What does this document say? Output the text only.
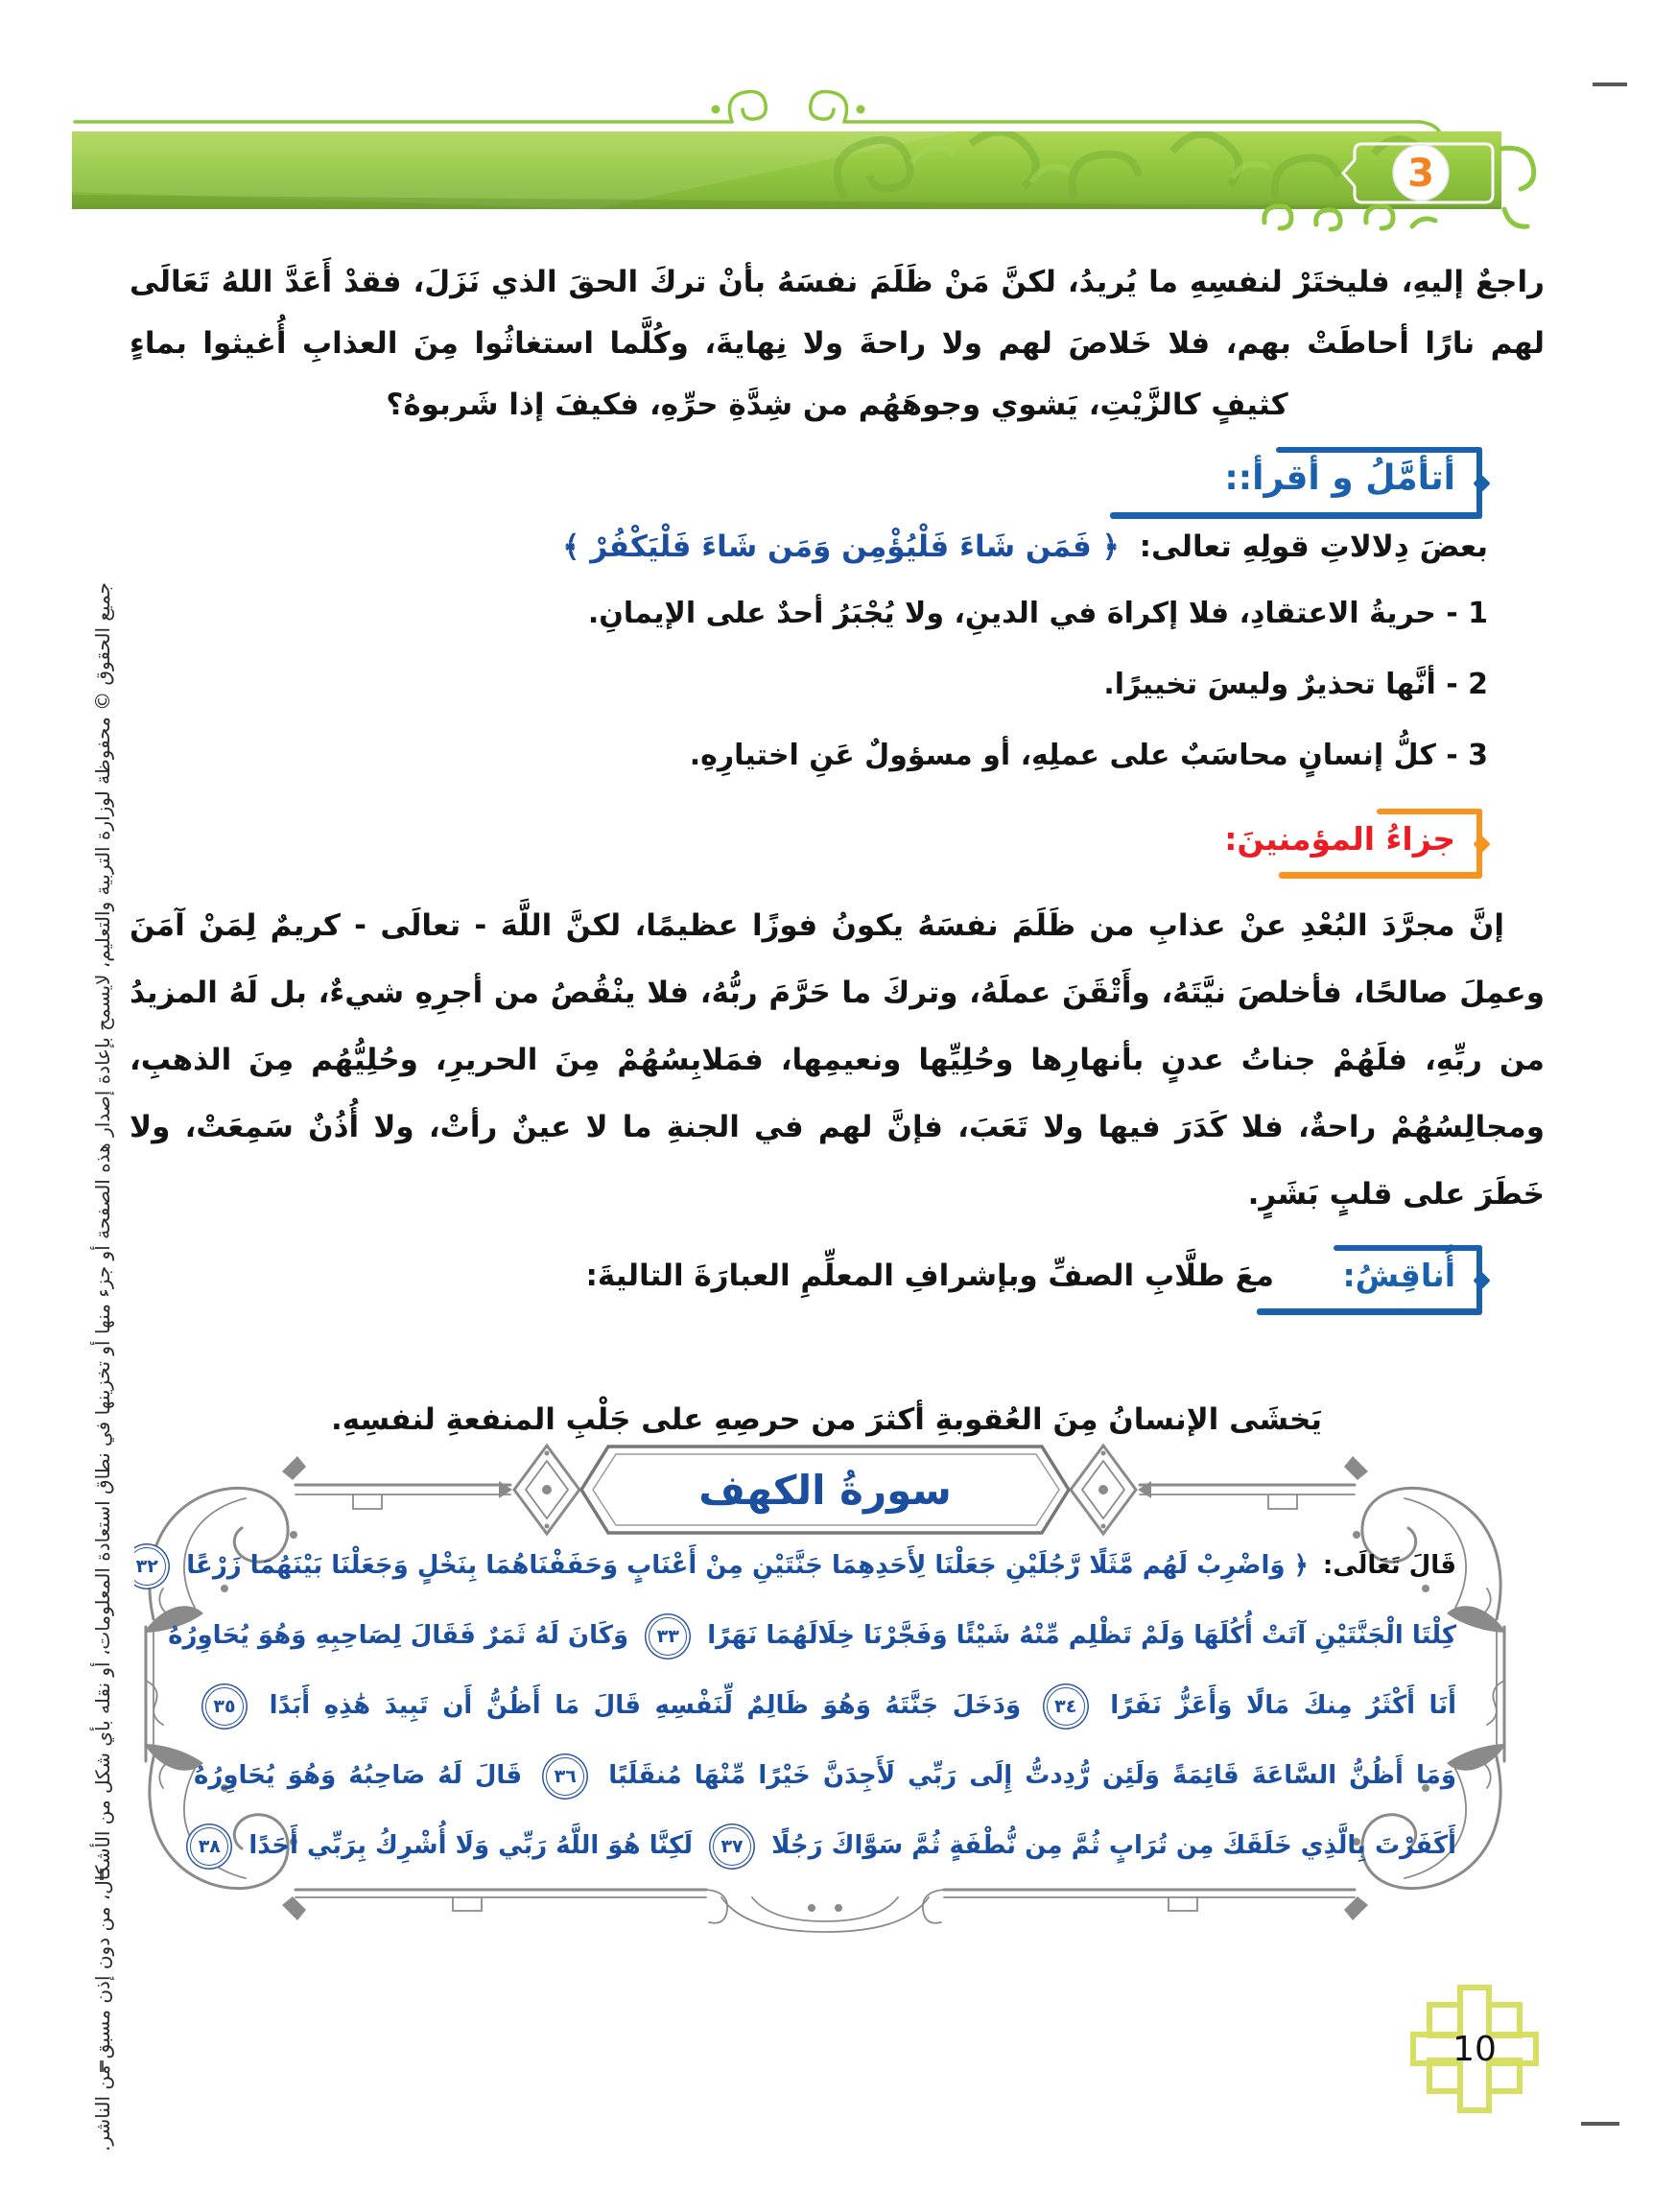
3
جميع الحقوق © محفوظة لوزارة التربية والتعليم، لايسمح بإعادة إصدار هذه الصفحة أو جزء منها أو تخزينها في نطاق استعادة المعلومات، أو نقله بأي شكل من الأشكال، من دون إذن مسبق من الناشر.
راجعٌ إليهِ، فليختَرْ لنفسِهِ ما يُريدُ، لكنَّ مَنْ ظَلَمَ نفسَهُ بأنْ تركَ الحقَ الذي نَزَلَ، فقدْ أَعَدَّ اللهُ تَعَالَى لهم نارًا أحاطَتْ بهم، فلا خَلاصَ لهم ولا راحةَ ولا نِهايةَ، وكُلَّما استغاثُوا مِنَ العذابِ أُغيثوا بماءٍ كثيفٍ كالزَّيْتِ، يَشوي وجوهَهُم من شِدَّةِ حرِّهِ، فكيفَ إذا شَربوهُ؟
أتأمَّلُ و أقرأ::
بعضَ دِلالاتِ قولِهِ تعالى: ﴿ فَمَن شَاءَ فَلْيُؤْمِن وَمَن شَاءَ فَلْيَكْفُرْ ﴾
1 - حريةُ الاعتقادِ، فلا إكراهَ في الدينِ، ولا يُجْبَرُ أحدٌ على الإيمانِ.
2 - أنَّها تحذيرٌ وليسَ تخييرًا.
3 - كلُّ إنسانٍ محاسَبٌ على عملِهِ، أو مسؤولٌ عَنِ اختيارِهِ.
جزاءُ المؤمنينَ:
إنَّ مجرَّدَ البُعْدِ عنْ عذابِ من ظَلَمَ نفسَهُ يكونُ فوزًا عظيمًا، لكنَّ اللَّهَ - تعالَى - كريمٌ لِمَنْ آمَنَ وعمِلَ صالحًا، فأخلصَ نيَّتَهُ، وأَتْقَنَ عملَهُ، وتركَ ما حَرَّمَ ربُّهُ، فلا ينْقُصُ من أجرِهِ شيءٌ، بل لَهُ المزيدُ من ربِّهِ، فلَهُمْ جناتُ عدنٍ بأنهارِها وحُلِيِّها ونعيمِها، فمَلابِسُهُمْ مِنَ الحريرِ، وحُلِيُّهُم مِنَ الذهبِ، ومجالِسُهُمْ راحةٌ، فلا كَدَرَ فيها ولا تَعَبَ، فإنَّ لهم في الجنةِ ما لا عينٌ رأتْ، ولا أُذُنٌ سَمِعَتْ، ولا خَطَرَ على قلبٍ بَشَرٍ.
أُناقِشُ:
معَ طلَّابِ الصفِّ وبإشرافِ المعلِّمِ العبارَةَ التاليةَ:
يَخشَى الإنسانُ مِنَ العُقوبةِ أكثرَ من حرصِهِ على جَلْبِ المنفعةِ لنفسِهِ.
سورةُ الكهف
قَالَ تَعَالَى: ﴿ وَاضْرِبْ لَهُم مَّثَلًا رَّجُلَيْنِ جَعَلْنَا لِأَحَدِهِمَا جَنَّتَيْنِ مِنْ أَعْنَابٍ وَحَفَفْنَاهُمَا بِنَخْلٍ وَجَعَلْنَا بَيْنَهُمَا زَرْعًا ٣٢
كِلْتَا الْجَنَّتَيْنِ آتَتْ أُكُلَهَا وَلَمْ تَظْلِم مِّنْهُ شَيْئًا وَفَجَّرْنَا خِلَالَهُمَا نَهَرًا ٣٣ وَكَانَ لَهُ ثَمَرٌ فَقَالَ لِصَاحِبِهِ وَهُوَ يُحَاوِرُهُ
أَنَا أَكْثَرُ مِنكَ مَالًا وَأَعَزُّ نَفَرًا ٣٤ وَدَخَلَ جَنَّتَهُ وَهُوَ ظَالِمٌ لِّنَفْسِهِ قَالَ مَا أَظُنُّ أَن تَبِيدَ هَٰذِهِ أَبَدًا ٣٥
وَمَا أَظُنُّ السَّاعَةَ قَائِمَةً وَلَئِن رُّدِدتُّ إِلَى رَبِّي لَأَجِدَنَّ خَيْرًا مِّنْهَا مُنقَلَبًا ٣٦ قَالَ لَهُ صَاحِبُهُ وَهُوَ يُحَاوِرُهُ
أَكَفَرْتَ بِالَّذِي خَلَقَكَ مِن تُرَابٍ ثُمَّ مِن نُّطْفَةٍ ثُمَّ سَوَّاكَ رَجُلًا ٣٧ لَكِنَّا هُوَ اللَّهُ رَبِّي وَلَا أُشْرِكُ بِرَبِّي أَحَدًا ٣٨
10
